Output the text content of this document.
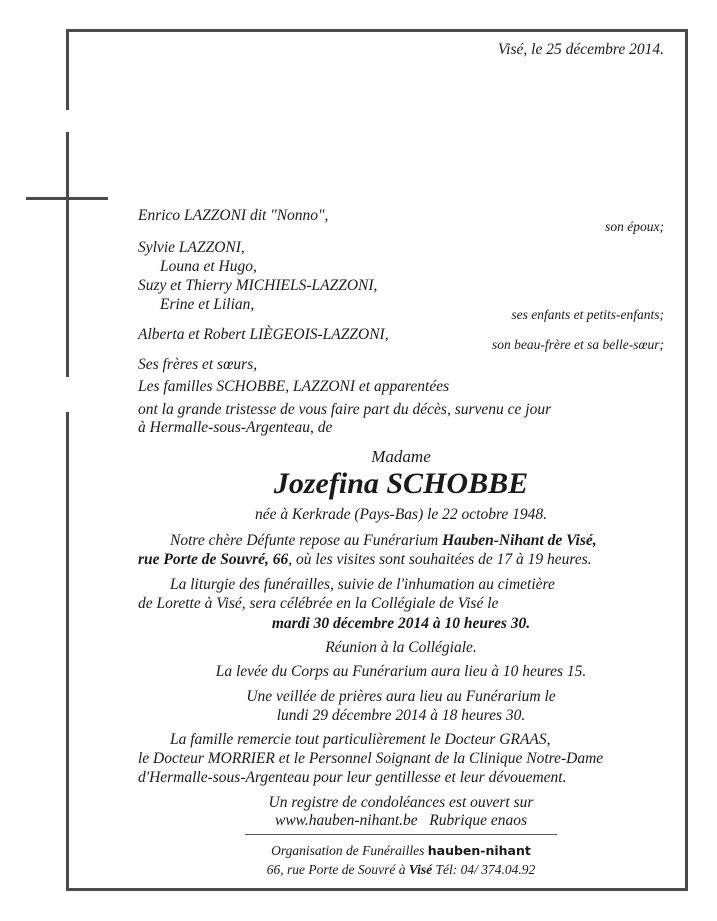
Visé, le 25 décembre 2014.
Enrico LAZZONI dit "Nonno",
son époux;
Sylvie LAZZONI,
Louna et Hugo,
Suzy et Thierry MICHIELS-LAZZONI,
Erine et Lilian,
ses enfants et petits-enfants;
Alberta et Robert LIÈGEOIS-LAZZONI,
son beau-frère et sa belle-sœur;
Ses frères et sœurs,
Les familles SCHOBBE, LAZZONI et apparentées
ont la grande tristesse de vous faire part du décès, survenu ce jour
à Hermalle-sous-Argenteau, de
Madame
Jozefina SCHOBBE
née à Kerkrade (Pays-Bas) le 22 octobre 1948.
Notre chère Défunte repose au Funérarium Hauben-Nihant de Visé,
rue Porte de Souvré, 66, où les visites sont souhaitées de 17 à 19 heures.
La liturgie des funérailles, suivie de l'inhumation au cimetière
de Lorette à Visé, sera célébrée en la Collégiale de Visé le
mardi 30 décembre 2014 à 10 heures 30.
Réunion à la Collégiale.
La levée du Corps au Funérarium aura lieu à 10 heures 15.
Une veillée de prières aura lieu au Funérarium le
lundi 29 décembre 2014 à 18 heures 30.
La famille remercie tout particulièrement le Docteur GRAAS,
le Docteur MORRIER et le Personnel Soignant de la Clinique Notre-Dame
d'Hermalle-sous-Argenteau pour leur gentillesse et leur dévouement.
Un registre de condoléances est ouvert sur
www.hauben-nihant.be Rubrique enaos
Organisation de Funérailles hauben-nihant
66, rue Porte de Souvré à Visé Tél: 04/ 374.04.92
